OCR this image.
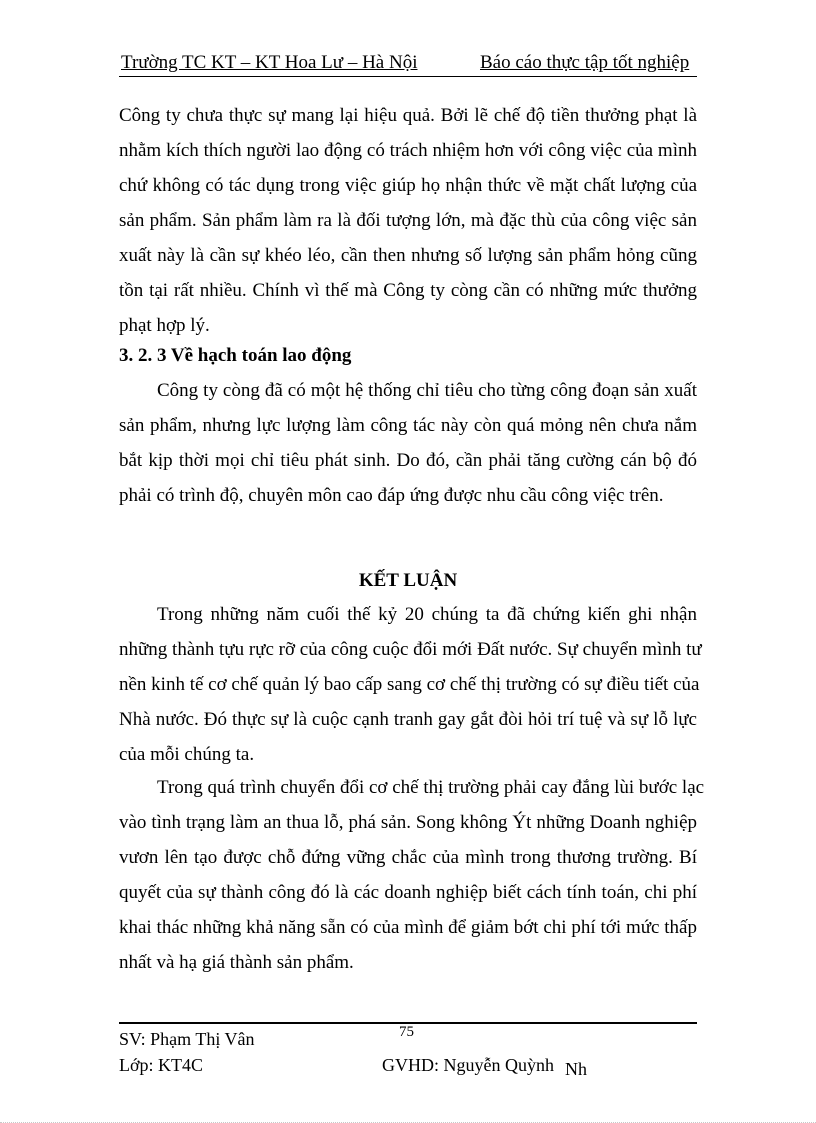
Trường TC KT – KT Hoa Lư – Hà Nội	Báo cáo thực tập tốt nghiệp
Công ty chưa thực sự mang lại hiệu quả. Bởi lẽ chế độ tiền thưởng phạt là
nhằm kích thích người lao động có trách nhiệm hơn với công việc của mình
chứ không có tác dụng trong việc giúp họ nhận thức về mặt chất lượng của
sản phẩm. Sản phẩm làm ra là đối tượng lớn, mà đặc thù của công việc sản
xuất này là cần sự khéo léo, cần then nhưng số lượng sản phẩm hỏng cũng
tồn tại rất nhiều. Chính vì thế mà Công ty còng cần có những mức thưởng
phạt hợp lý.
3. 2. 3 Về hạch toán lao động
Công ty còng đã có một hệ thống chỉ tiêu cho từng công đoạn sản xuất
sản phẩm, nhưng lực lượng làm công tác này còn quá mỏng nên chưa nắm
bắt kịp thời mọi chỉ tiêu phát sinh. Do đó, cần phải tăng cường cán bộ đó
phải có trình độ, chuyên môn cao đáp ứng được nhu cầu công việc trên.
KẾT LUẬN
Trong những năm cuối thế kỷ 20 chúng ta đã chứng kiến ghi nhận
những thành tựu rực rỡ của công cuộc đổi mới Đất nước. Sự chuyển mình tư
nền kinh tế cơ chế quản lý bao cấp sang cơ chế thị trường có sự điều tiết của
Nhà nước. Đó thực sự là cuộc cạnh tranh gay gắt đòi hỏi trí tuệ và sự lỗ lực
của mỗi chúng ta.
Trong quá trình chuyển đổi cơ chế thị trường phải cay đắng lùi bước lạc
vào tình trạng làm an thua lỗ, phá sản. Song không Ýt những Doanh nghiệp
vươn lên tạo được chỗ đứng vững chắc của mình trong thương trường. Bí
quyết của sự thành công đó là các doanh nghiệp biết cách tính toán, chi phí
khai thác những khả năng sẵn có của mình để giảm bớt chi phí tới mức thấp
nhất và hạ giá thành sản phẩm.
SV: Phạm Thị Vân	75
Lớp: KT4C	GVHD: Nguyễn Quỳnh Nh
